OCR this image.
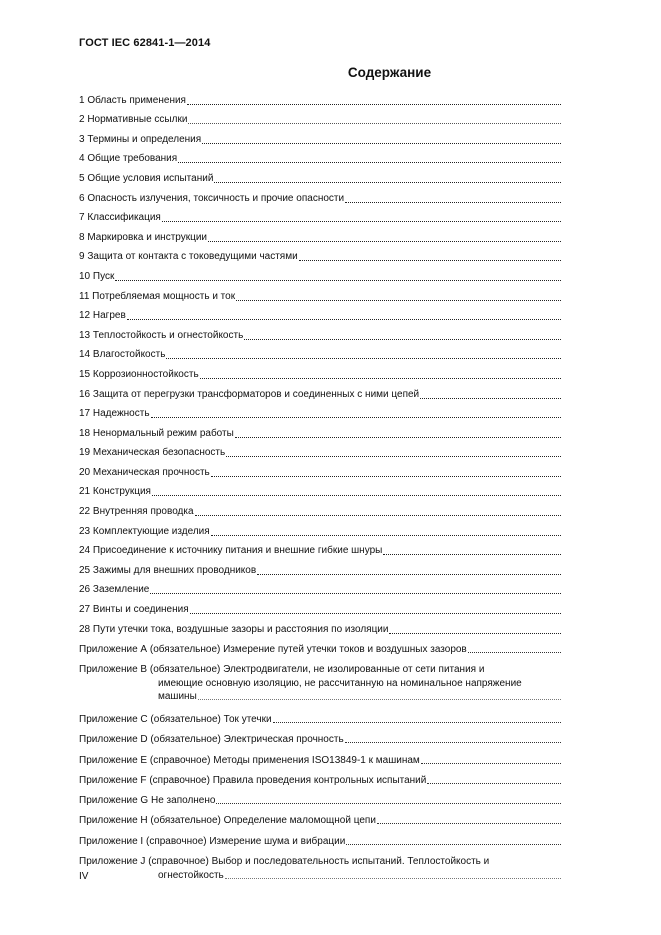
ГОСТ IEC 62841-1—2014
Содержание
1 Область применения
2 Нормативные ссылки
3 Термины и определения
4 Общие требования
5 Общие условия испытаний
6 Опасность излучения, токсичность и прочие опасности
7 Классификация
8 Маркировка и инструкции
9 Защита от контакта с токоведущими частями
10 Пуск
11 Потребляемая мощность и ток
12 Нагрев
13 Теплостойкость и огнестойкость
14 Влагостойкость
15 Коррозионностойкость
16 Защита от перегрузки трансформаторов и соединенных с ними цепей
17 Надежность
18 Ненормальный режим работы
19 Механическая безопасность
20 Механическая прочность
21 Конструкция
22 Внутренняя проводка
23 Комплектующие изделия
24 Присоединение к источнику питания и внешние гибкие шнуры
25 Зажимы для внешних проводников
26 Заземление
27 Винты и соединения
28 Пути утечки тока, воздушные зазоры и расстояния по изоляции
Приложение А (обязательное) Измерение путей утечки токов и воздушных зазоров
Приложение В (обязательное) Электродвигатели, не изолированные от сети питания и
имеющие основную изоляцию, не рассчитанную на номинальное напряжение
машины
Приложение С (обязательное) Ток утечки
Приложение D (обязательное) Электрическая прочность
Приложение Е (справочное) Методы применения ISO13849-1 к машинам
Приложение F (справочное) Правила проведения контрольных испытаний
Приложение G Не заполнено
Приложение H (обязательное) Определение маломощной цепи
Приложение I (справочное) Измерение шума и вибрации
Приложение J (справочное) Выбор и последовательность испытаний. Теплостойкость и
огнестойкость
IV
